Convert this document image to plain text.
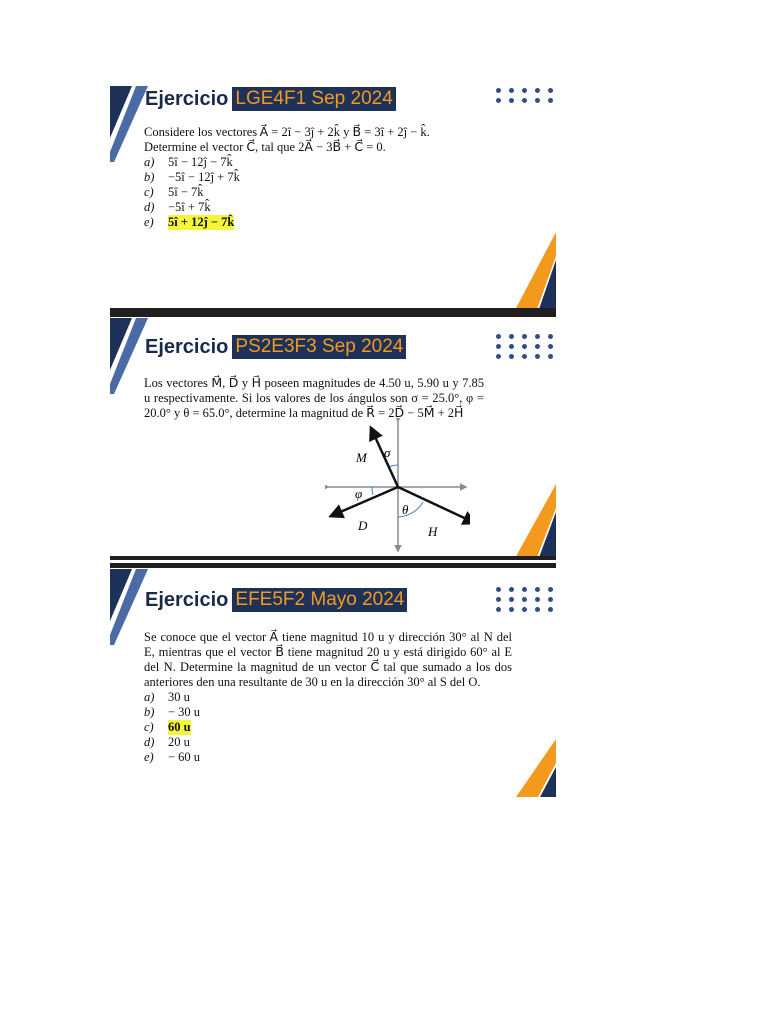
Ejercicio LGE4F1 Sep 2024
Considere los vectores A⃗ = 2î − 3ĵ + 2k̂ y B⃗ = 3î + 2ĵ − k̂.
Determine el vector C⃗, tal que 2A⃗ − 3B⃗ + C⃗ = 0.
a)	5î − 12ĵ − 7k̂
b)	−5î − 12ĵ + 7k̂
c)	5î − 7k̂
d)	−5î + 7k̂
e)	5î + 12ĵ − 7k̂
Ejercicio PS2E3F3 Sep 2024
Los vectores M⃗, D⃗ y H⃗ poseen magnitudes de 4.50 u, 5.90 u y 7.85 u respectivamente. Si los valores de los ángulos son σ = 25.0°, φ = 20.0° y θ = 65.0°, determine la magnitud de R⃗ = 2D⃗ − 5M⃗ + 2H⃗
M⃗ σ
φ
θ
D⃗	H⃗
Ejercicio EFE5F2 Mayo 2024
Se conoce que el vector A⃗ tiene magnitud 10 u y dirección 30° al N del E, mientras que el vector B⃗ tiene magnitud 20 u y está dirigido 60° al E del N. Determine la magnitud de un vector C⃗ tal que sumado a los dos anteriores den una resultante de 30 u en la dirección 30° al S del O.
a)	30 u
b)	− 30 u
c)	60 u
d)	20 u
e)	− 60 u
